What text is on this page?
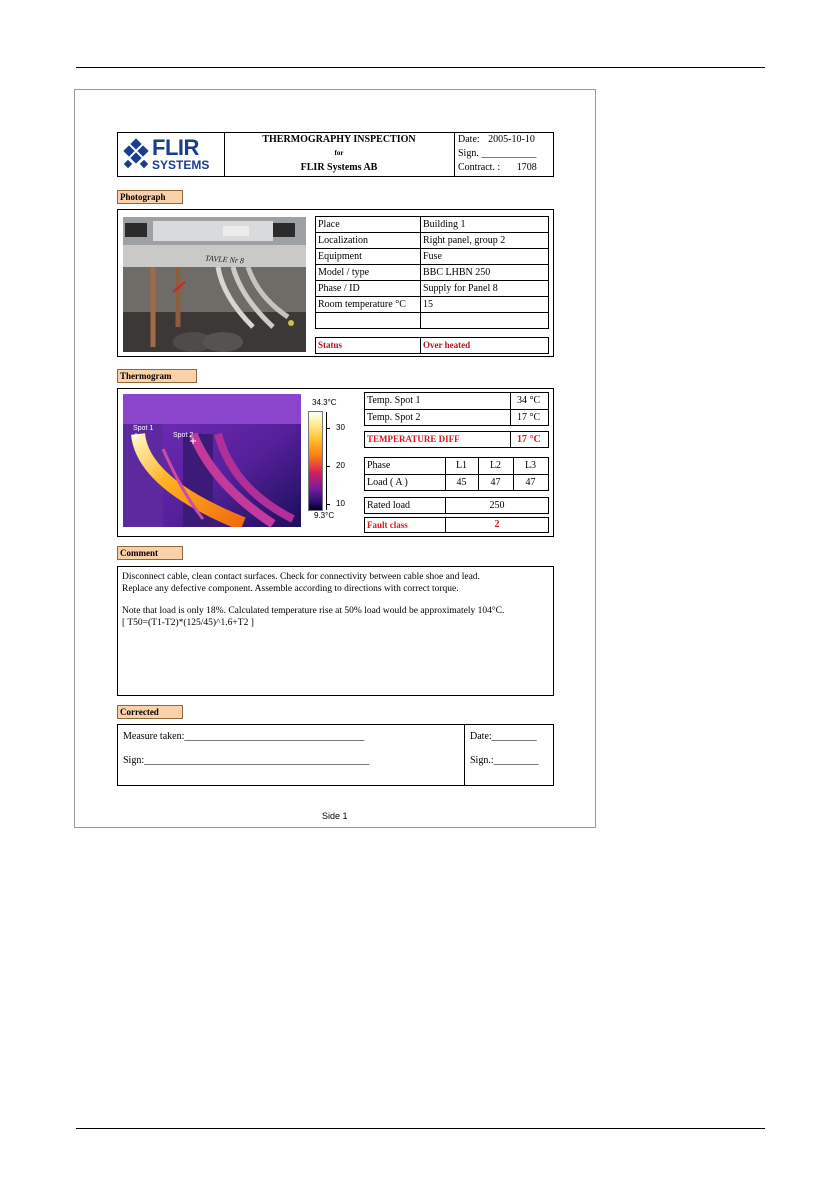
FLIR
SYSTEMS
THERMOGRAPHY INSPECTION
for
FLIR Systems AB
Date: 2005-10-10
Sign. ___________
Contract. : 1708
Photograph
TAVLE Nr 8
Place	Building 1
Localization	Right panel, group 2
Equipment	Fuse
Model / type	BBC LHBN 250
Phase / ID	Supply for Panel 8
Room temperature °C 15
Status	Over heated
Thermogram
Spot 1
Spot 2
34.3°C
30
20
10
9.3°C
Temp. Spot 1	34 °C
Temp. Spot 2	17 °C
TEMPERATURE DIFF	17 °C
Phase	L1	L2	L3
Load ( A )	45	47	47
Rated load	250
Fault class	2
Comment
Disconnect cable, clean contact surfaces. Check for connectivity between cable shoe and lead.
Replace any defective component. Assemble according to directions with correct torque.
Note that load is only 18%. Calculated temperature rise at 50% load would be approximately 104°C.
[ T50=(T1-T2)*(125/45)^1.6+T2 ]
Corrected
Measure taken:____________________________________
Sign:_____________________________________________
Date:_________
Sign.:_________
Side 1
